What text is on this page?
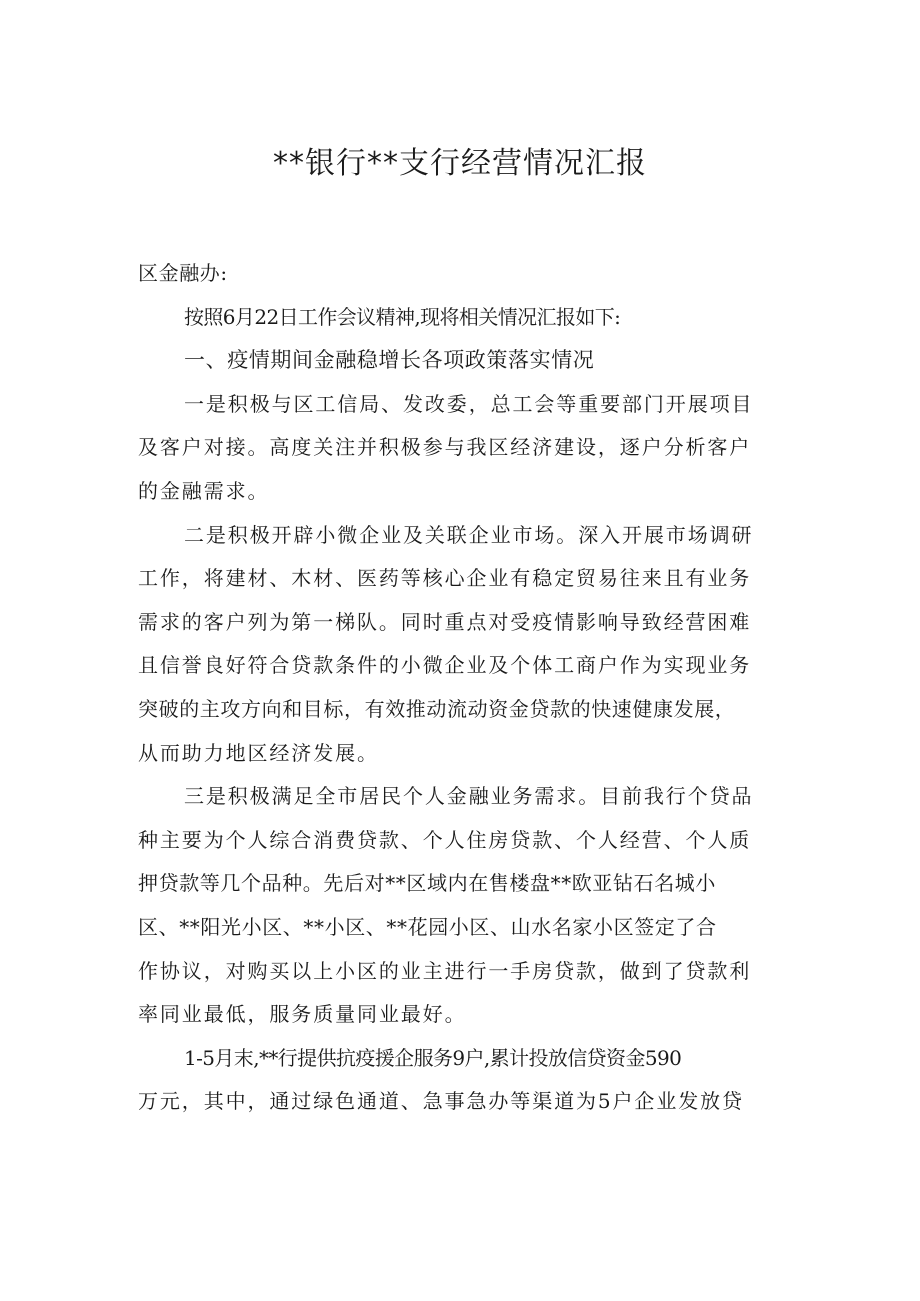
**银行**支行经营情况汇报
区金融办:
按照6月22日工作会议精神,现将相关情况汇报如下:
一、疫情期间金融稳增长各项政策落实情况
一是积极与区工信局、发改委，总工会等重要部门开展项目
及客户对接。高度关注并积极参与我区经济建设，逐户分析客户
的金融需求。
二是积极开辟小微企业及关联企业市场。深入开展市场调研
工作，将建材、木材、医药等核心企业有稳定贸易往来且有业务
需求的客户列为第一梯队。同时重点对受疫情影响导致经营困难
且信誉良好符合贷款条件的小微企业及个体工商户作为实现业务
突破的主攻方向和目标，有效推动流动资金贷款的快速健康发展，
从而助力地区经济发展。
三是积极满足全市居民个人金融业务需求。目前我行个贷品
种主要为个人综合消费贷款、个人住房贷款、个人经营、个人质
押贷款等几个品种。先后对**区域内在售楼盘**欧亚钻石名城小
区、**阳光小区、**小区、**花园小区、山水名家小区签定了合
作协议，对购买以上小区的业主进行一手房贷款，做到了贷款利
率同业最低，服务质量同业最好。
1-5月末,**行提供抗疫援企服务9户,累计投放信贷资金590
万元，其中，通过绿色通道、急事急办等渠道为5户企业发放贷
